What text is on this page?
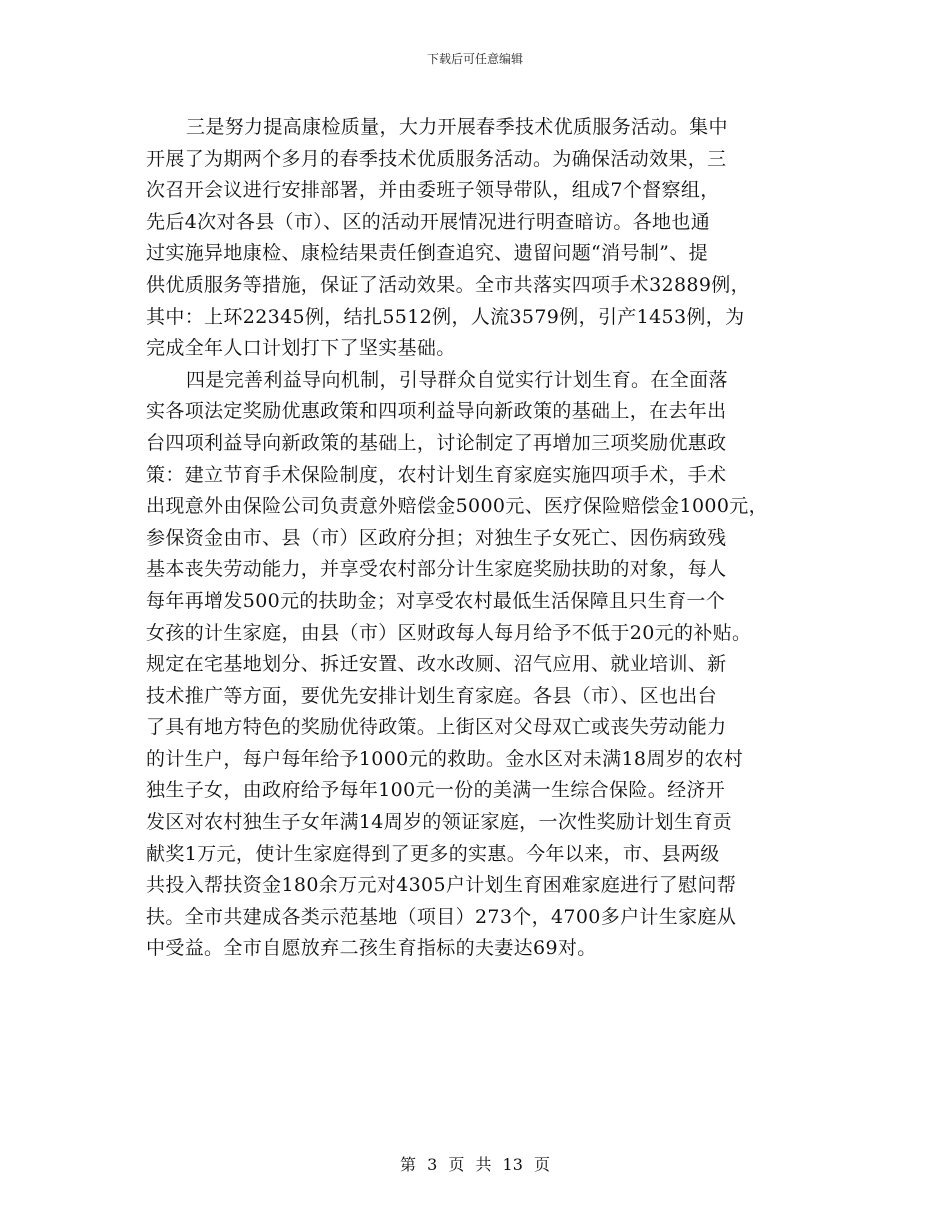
下载后可任意编辑
三是努力提高康检质量，大力开展春季技术优质服务活动。集中
开展了为期两个多月的春季技术优质服务活动。为确保活动效果，三
次召开会议进行安排部署，并由委班子领导带队，组成7个督察组，
先后4次对各县（市）、区的活动开展情况进行明查暗访。各地也通
过实施异地康检、康检结果责任倒查追究、遗留问题“消号制”、提
供优质服务等措施，保证了活动效果。全市共落实四项手术32889例，
其中：上环22345例，结扎5512例，人流3579例，引产1453例，为
完成全年人口计划打下了坚实基础。
四是完善利益导向机制，引导群众自觉实行计划生育。在全面落
实各项法定奖励优惠政策和四项利益导向新政策的基础上，在去年出
台四项利益导向新政策的基础上，讨论制定了再增加三项奖励优惠政
策：建立节育手术保险制度，农村计划生育家庭实施四项手术，手术
出现意外由保险公司负责意外赔偿金5000元、医疗保险赔偿金1000元，
参保资金由市、县（市）区政府分担；对独生子女死亡、因伤病致残
基本丧失劳动能力，并享受农村部分计生家庭奖励扶助的对象，每人
每年再增发500元的扶助金；对享受农村最低生活保障且只生育一个
女孩的计生家庭，由县（市）区财政每人每月给予不低于20元的补贴。
规定在宅基地划分、拆迁安置、改水改厕、沼气应用、就业培训、新
技术推广等方面，要优先安排计划生育家庭。各县（市）、区也出台
了具有地方特色的奖励优待政策。上街区对父母双亡或丧失劳动能力
的计生户，每户每年给予1000元的救助。金水区对未满18周岁的农村
独生子女，由政府给予每年100元一份的美满一生综合保险。经济开
发区对农村独生子女年满14周岁的领证家庭，一次性奖励计划生育贡
献奖1万元，使计生家庭得到了更多的实惠。今年以来，市、县两级
共投入帮扶资金180余万元对4305户计划生育困难家庭进行了慰问帮
扶。全市共建成各类示范基地（项目）273个，4700多户计生家庭从
中受益。全市自愿放弃二孩生育指标的夫妻达69对。
第 3 页 共 13 页
